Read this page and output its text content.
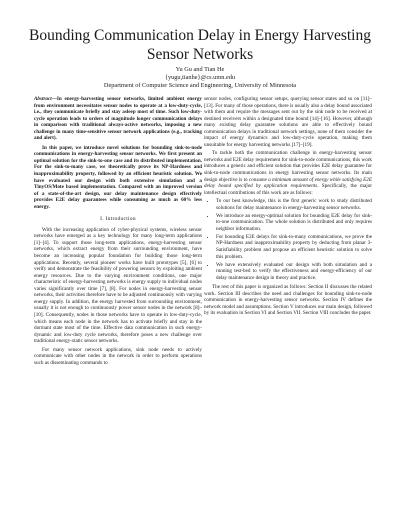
Bounding Communication Delay in Energy Harvesting Sensor Networks
Yu Gu and Tian He
{yugu,tianhe}@cs.umn.edu
Department of Computer Science and Engineering, University of Minnesota
Abstract—In energy-harvesting sensor networks, limited ambient energy from environment necessitates sensor nodes to operate at a low-duty-cycle, i.e., they communicate briefly and stay asleep most of time. Such low-duty-cycle operation leads to orders of magnitude longer communication delays in comparison with traditional always-active networks, imposing a new challenge in many time-sensitive sensor network applications (e.g., tracking and alert).
In this paper, we introduce novel solutions for bounding sink-to-node communications in energy-harvesting sensor networks. We first present an optimal solution for the sink-to-one case and its distributed implementation. For the sink-to-many case, we theoretically prove its NP-Hardness and inapproximability property, followed by an efficient heuristic solution. We have evaluated our design with both extensive simulation and a TinyOS/Mote based implementation. Compared with an improved version of a state-of-the-art design, our delay maintenance design effectively provides E2E delay guarantees while consuming as much as 60% less energy.
I. Introduction

With the increasing application of cyber-physical systems, wireless sensor networks have emerged as a key technology for many long-term applications [1]–[4]. To support those long-term applications, energy-harvesting sensor networks, which extract energy from their surrounding environment, have become an increasing popular foundation for building those long-term applications. Recently, several pioneer works have built prototypes [5], [6] to verify and demonstrate the feasibility of powering sensors by exploiting ambient energy resources. Due to the varying environment conditions, one major characteristic of energy-harvesting networks is energy supply to individual nodes varies significantly over time [7], [8]. For nodes in energy-harvesting sensor networks, their activities therefore have to be adjusted continuously with varying energy supply. In addition, the energy harvested from surrounding environment, usually it is not enough to continuously power sensor nodes in the network [8]–[10]. Consequently, nodes in those networks have to operate in low-duty-cycle, which means each node in the network has to activate briefly and stay in the dormant state most of the time. Effective data communication in such energy-dynamic and low-duty cycle networks, therefore poses a new challenge over traditional energy-static sensor networks.

For many sensor network applications, sink node needs to actively communicate with other nodes in the network in order to perform operations such as disseminating commands to

sensor nodes, configuring sensor setups, querying sensor states and so on [11]–[13]. For many of those operations, there is usually also a delay bound associated with them and require the messages sent out by the sink node to be received at destined receivers within a designated time bound [14]–[16]. However, although many existing delay guarantee solutions are able to effectively bound communication delays in traditional network settings, none of them consider the impact of energy dynamics and low-duty-cycle operation, making them unsuitable for energy harvesting networks [17]–[19].

To tackle both the communication challenge in energy-harvesting sensor networks and E2E delay requirement for sink-to-node communications, this work introduces a generic and efficient solution that provides E2E delay guarantee for sink-to-node communications in energy harvesting sensor networks. Its main design objective is to consume a minimum amount of energy while satisfying E2E delay bound specified by application requirements. Specifically, the major intellectual contributions of this work are as follows:

• To our best knowledge, this is the first generic work to study distributed solutions for delay maintenance in energy-harvesting sensor networks.
• We introduce an energy-optimal solution for bounding E2E delay for sink-to-one communication. The whole solution is distributed and only requires neighbor information.
• For bounding E2E delays for sink-to-many communications, we prove the NP-Hardness and inapproximability property by deducting from planar 3-Satisfiability problem and propose an efficient heuristic solution to solve this problem.
• We have extensively evaluated our design with both simulation and a running test-bed to verify the effectiveness and energy-efficiency of our delay maintenance design in theory and practice.

The rest of this paper is organized as follows: Section II discusses the related work. Section III describes the need and challenges for bounding sink-to-node communication in energy-harvesting sensor networks. Section IV defines the network model and assumptions. Section V introduces our main design, followed by its evaluation in Section VI and Section VII. Section VIII concludes the paper.
